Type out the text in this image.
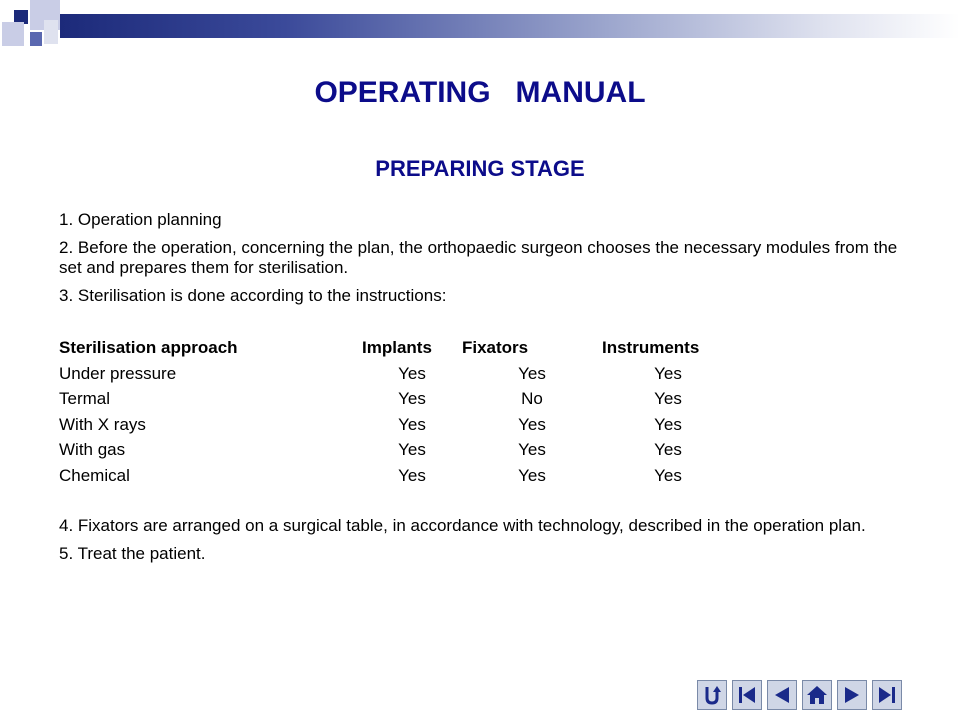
OPERATING   MANUAL
PREPARING STAGE

1. Operation planning

2. Before the operation, concerning the plan, the orthopaedic surgeon chooses the necessary modules from the set and prepares them for sterilisation.

3. Sterilisation is done according to the instructions:

Sterilisation approach	Implants	Fixators	Instruments
Under pressure	Yes	Yes	Yes
Termal	Yes	No	Yes
With X rays	Yes	Yes	Yes
With gas	Yes	Yes	Yes
Chemical	Yes	Yes	Yes

4. Fixators are arranged on a surgical table, in accordance with technology, described in the operation plan.

5. Treat the patient.
